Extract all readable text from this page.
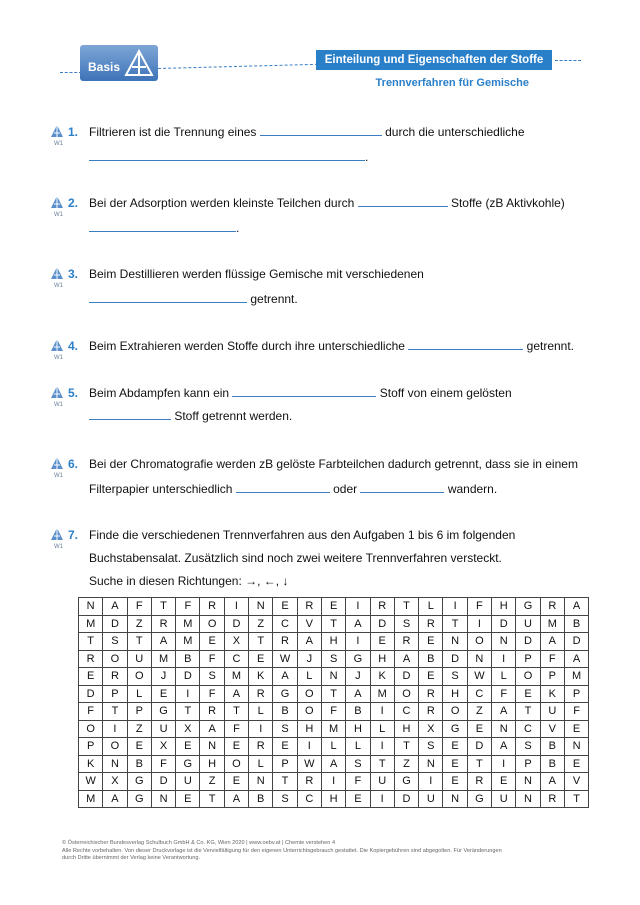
Basis	Einteilung und Eigenschaften der Stoffe
Trennverfahren für Gemische
W1
1. Filtrieren ist die Trennung eines	durch die unterschiedliche
.
W1
2. Bei der Adsorption werden kleinste Teilchen durch	Stoffe (zB Aktivkohle)
.
W1
3. Beim Destillieren werden flüssige Gemische mit verschiedenen
getrennt.
W1
4. Beim Extrahieren werden Stoffe durch ihre unterschiedliche	getrennt.
W1
5. Beim Abdampfen kann ein	Stoff von einem gelösten
Stoff getrennt werden.
W1
6. Bei der Chromatografie werden zB gelöste Farbteilchen dadurch getrennt, dass sie in einem
Filterpapier unterschiedlich	oder	wandern.
W1
7. Finde die verschiedenen Trennverfahren aus den Aufgaben 1 bis 6 im folgenden
Buchstabensalat. Zusätzlich sind noch zwei weitere Trennverfahren versteckt.
Suche in diesen Richtungen: →, ←, ↓
N	A	F	T	F	R	I	N	E	R	E	I	R	T	L	I	F	H	G	R	A
M	D	Z	R	M	O	D	Z	C	V	T	A	D	S	R	T	I	D	U	M	B
T	S	T	A	M	E	X	T	R	A	H	I	E	R	E	N	O	N	D	A	D
R	O	U	M	B	F	C	E	W	J	S	G	H	A	B	D	N	I	P	F	A
E	R	O	J	D	S	M	K	A	L	N	J	K	D	E	S	W	L	O	P	M
D	P	L	E	I	F	A	R	G	O	T	A	M	O	R	H	C	F	E	K	P
F	T	P	G	T	R	T	L	B	O	F	B	I	C	R	O	Z	A	T	U	F
O	I	Z	U	X	A	F	I	S	H	M	H	L	H	X	G	E	N	C	V	E
P	O	E	X	E	N	E	R	E	I	L	L	I	T	S	E	D	A	S	B	N
K	N	B	F	G	H	O	L	P	W	A	S	T	Z	N	E	T	I	P	B	E
W	X	G	D	U	Z	E	N	T	R	I	F	U	G	I	E	R	E	N	A	V
M	A	G	N	E	T	A	B	S	C	H	E	I	D	U	N	G	U	N	R	T
© Österreichischer Bundesverlag Schulbuch GmbH & Co. KG, Wien 2020 | www.oebv.at | Chemie verstehen 4
Alle Rechte vorbehalten. Von dieser Druckvorlage ist die Vervielfältigung für den eigenen Unterrichtsgebrauch gestattet. Die Kopiergebühren sind abgegolten. Für Veränderungen
durch Dritte übernimmt der Verlag keine Verantwortung.
